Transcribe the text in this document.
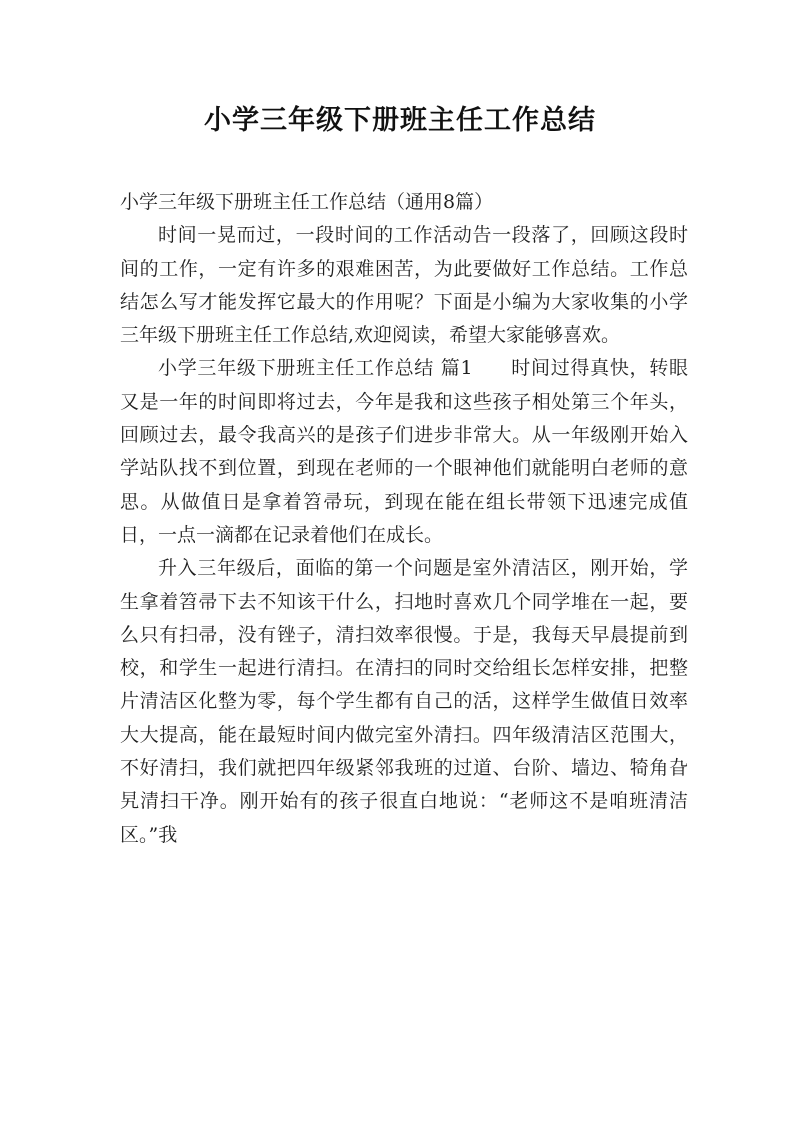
小学三年级下册班主任工作总结

小学三年级下册班主任工作总结（通用8篇）

时间一晃而过，一段时间的工作活动告一段落了，回顾这段时间的工作，一定有许多的艰难困苦，为此要做好工作总结。工作总结怎么写才能发挥它最大的作用呢？下面是小编为大家收集的小学三年级下册班主任工作总结,欢迎阅读，希望大家能够喜欢。

小学三年级下册班主任工作总结 篇1 时间过得真快，转眼又是一年的时间即将过去，今年是我和这些孩子相处第三个年头，回顾过去，最令我高兴的是孩子们进步非常大。从一年级刚开始入学站队找不到位置，到现在老师的一个眼神他们就能明白老师的意思。从做值日是拿着笤帚玩，到现在能在组长带领下迅速完成值日，一点一滴都在记录着他们在成长。

升入三年级后，面临的第一个问题是室外清洁区，刚开始，学生拿着笤帚下去不知该干什么，扫地时喜欢几个同学堆在一起，要么只有扫帚，没有锉子，清扫效率很慢。于是，我每天早晨提前到校，和学生一起进行清扫。在清扫的同时交给组长怎样安排，把整片清洁区化整为零，每个学生都有自己的活，这样学生做值日效率大大提高，能在最短时间内做完室外清扫。四年级清洁区范围大，不好清扫，我们就把四年级紧邻我班的过道、台阶、墙边、犄角旮旯清扫干净。刚开始有的孩子很直白地说：“老师这不是咱班清洁区。”我
